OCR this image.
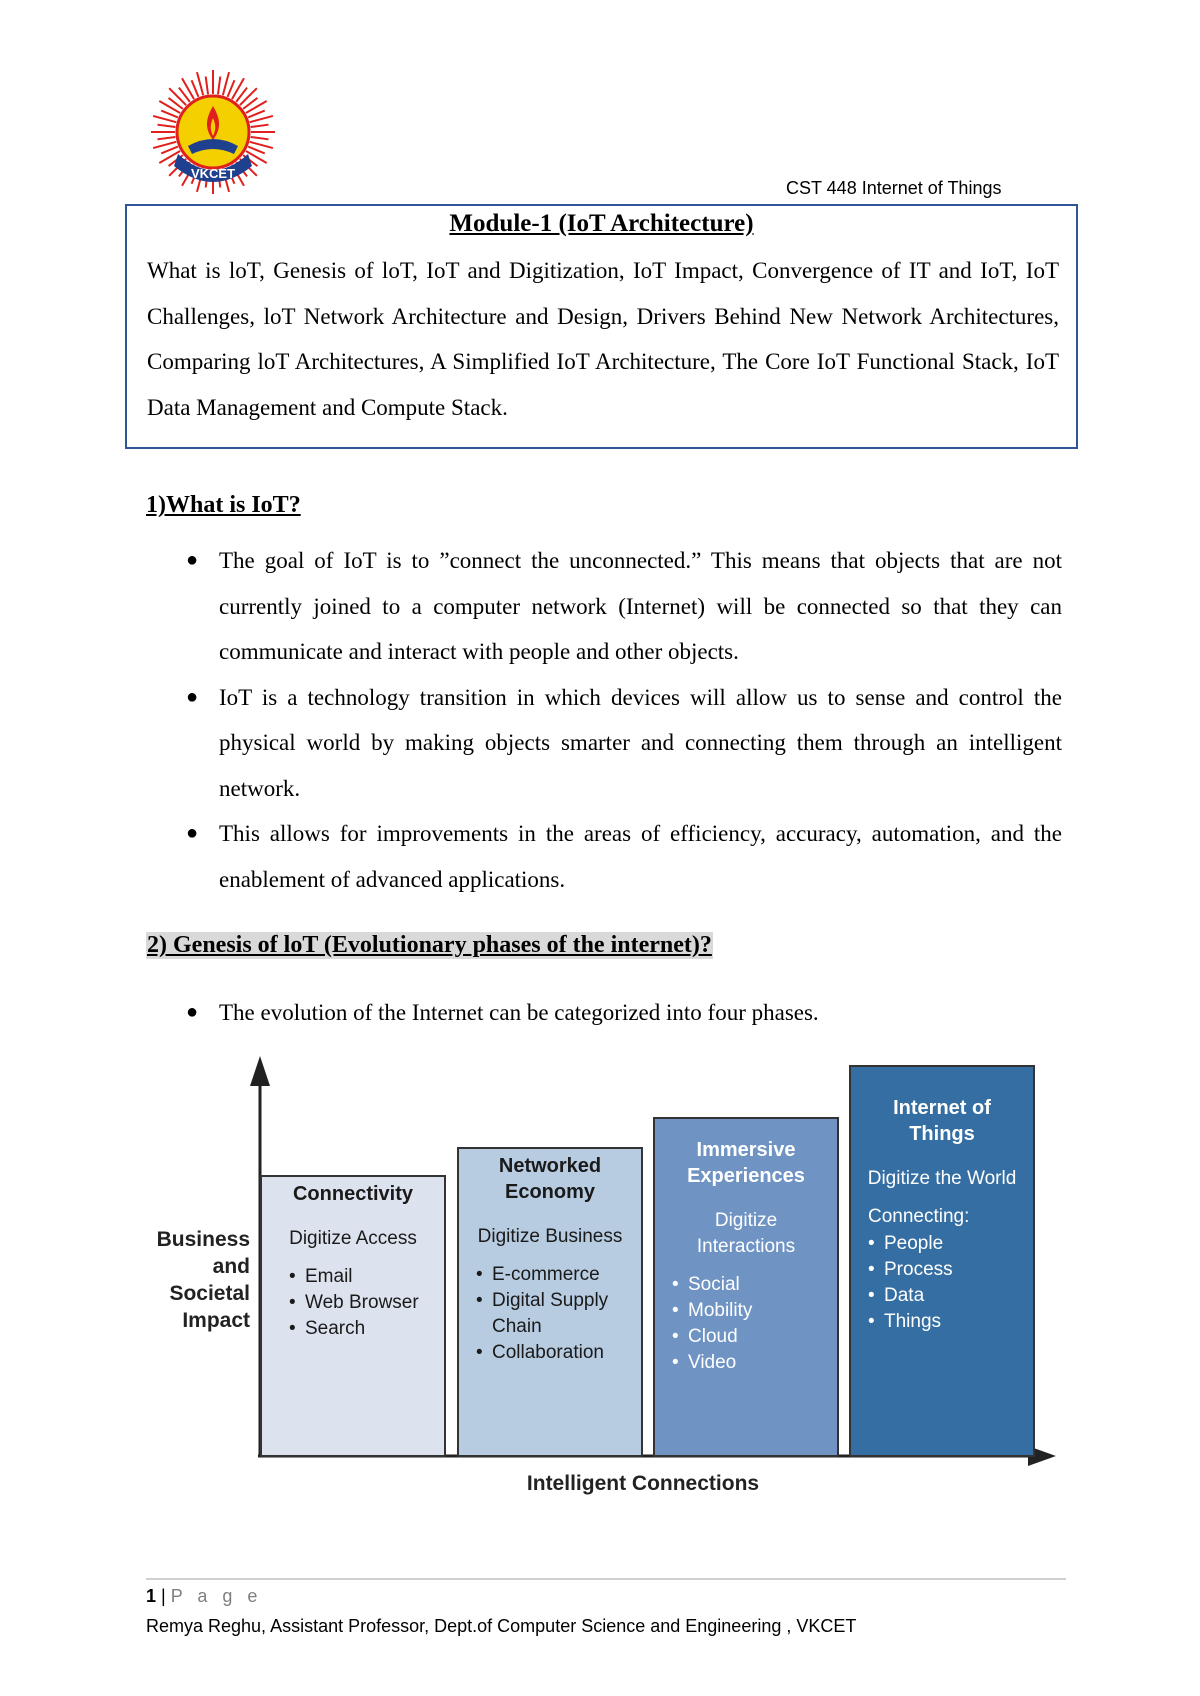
VKCET
CST 448 Internet of Things
Module-1 (IoT Architecture)
What is loT, Genesis of loT, IoT and Digitization, IoT Impact, Convergence of IT and IoT, IoT Challenges, loT Network Architecture and Design, Drivers Behind New Network Architectures, Comparing loT Architectures, A Simplified IoT Architecture, The Core IoT Functional Stack, IoT Data Management and Compute Stack.
1)What is IoT?
● The goal of IoT is to ”connect the unconnected.” This means that objects that are not currently joined to a computer network (Internet) will be connected so that they can communicate and interact with people and other objects.
● IoT is a technology transition in which devices will allow us to sense and control the physical world by making objects smarter and connecting them through an intelligent network.
● This allows for improvements in the areas of efficiency, accuracy, automation, and the enablement of advanced applications.
2) Genesis of loT (Evolutionary phases of the internet)?
● The evolution of the Internet can be categorized into four phases.
Business
and
Societal
Impact
Intelligent Connections
Connectivity
Digitize Access
• Email
• Web Browser
• Search
Networked
Economy
Digitize Business
• E-commerce
• Digital Supply
Chain
• Collaboration
Immersive
Experiences
Digitize
Interactions
• Social
• Mobility
• Cloud
• Video
Internet of
Things
Digitize the World
Connecting:
• People
• Process
• Data
• Things
1 | P a g e
Remya Reghu, Assistant Professor, Dept.of Computer Science and Engineering , VKCET
